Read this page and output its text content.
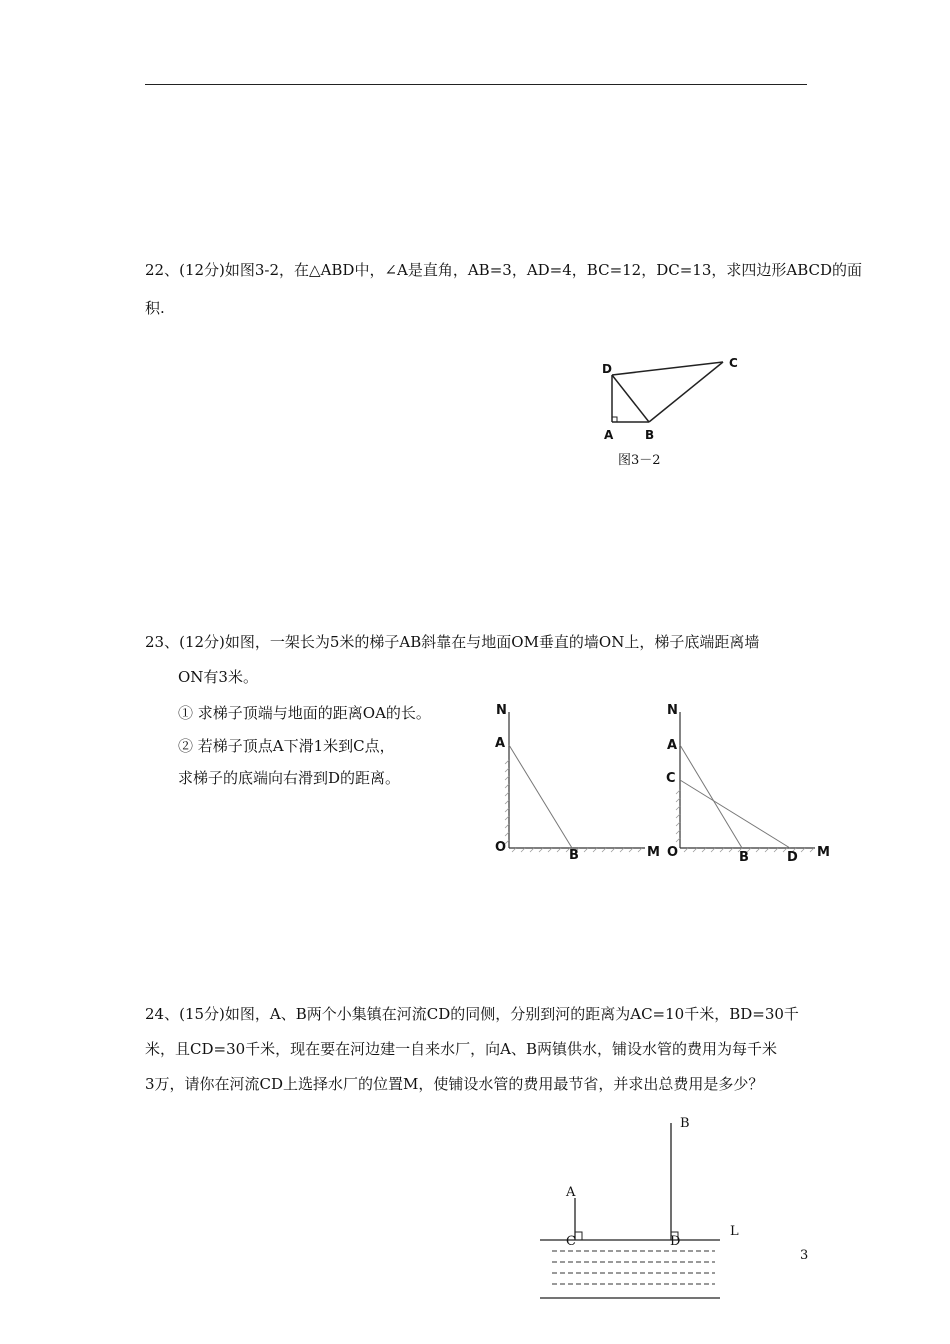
22、(12分)如图3-2，在△ABD中，∠A是直角，AB=3，AD=4，BC=12，DC=13，求四边形ABCD的面
积.
D	C
A	B
图3－2
23、(12分)如图，一架长为5米的梯子AB斜靠在与地面OM垂直的墙ON上，梯子底端距离墙
ON有3米。
① 求梯子顶端与地面的距离OA的长。
② 若梯子顶点A下滑1米到C点，
求梯子的底端向右滑到D的距离。
N
A
O
B	M
N
A
C
O	B	D M
24、(15分)如图，A、B两个小集镇在河流CD的同侧，分别到河的距离为AC=10千米，BD=30千
米，且CD=30千米，现在要在河边建一自来水厂，向A、B两镇供水，铺设水管的费用为每千米
3万，请你在河流CD上选择水厂的位置M，使铺设水管的费用最节省，并求出总费用是多少？
B
A
L
C	D
3
